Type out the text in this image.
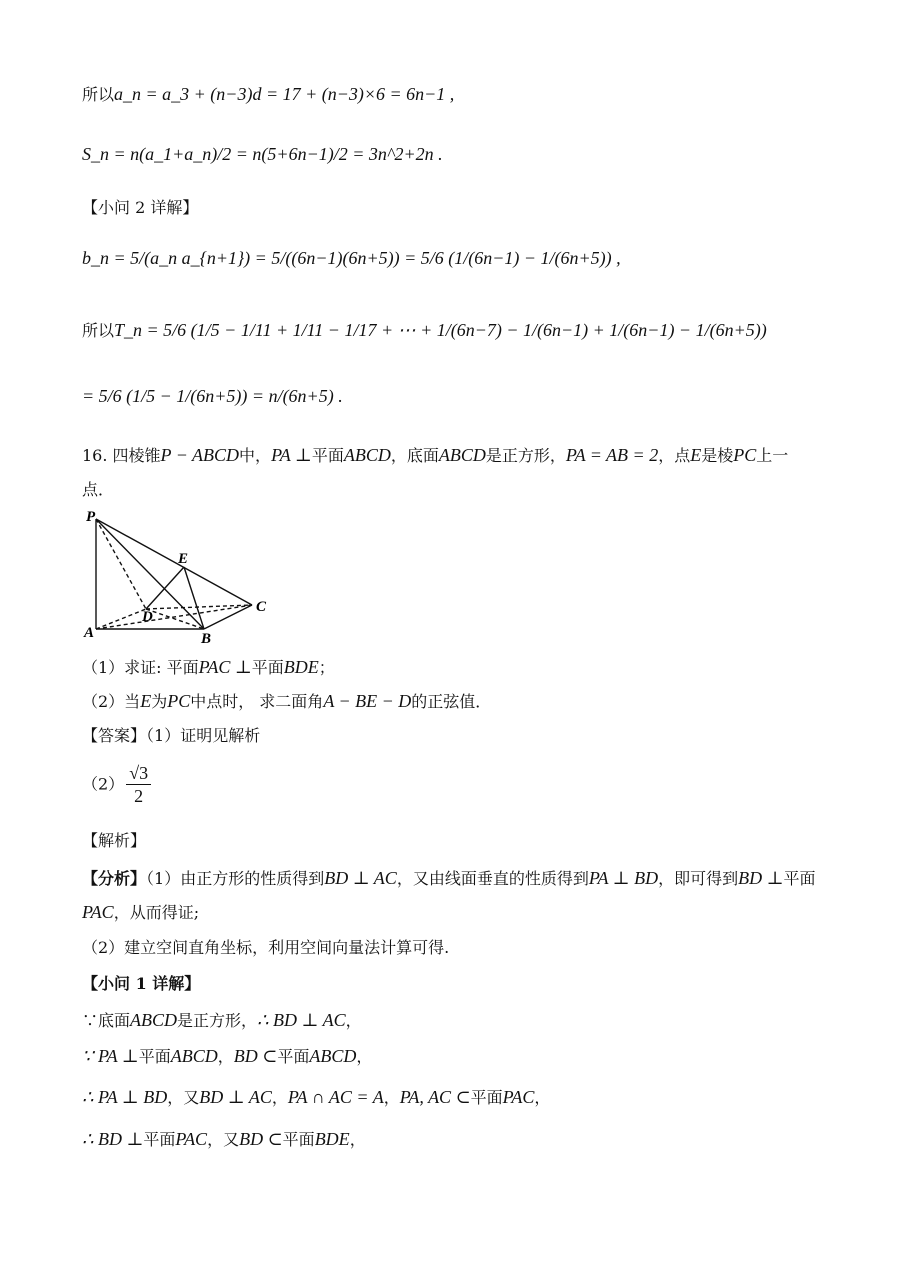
所以a_n = a_3 + (n−3)d = 17 + (n−3)×6 = 6n−1 ,
S_n = n(a_1+a_n)/2 = n(5+6n−1)/2 = 3n^2+2n .
【小问 2 详解】
b_n = 5/(a_n a_{n+1}) = 5/((6n−1)(6n+5)) = 5/6 (1/(6n−1) − 1/(6n+5)) ,
所以T_n = 5/6 (1/5 − 1/11 + 1/11 − 1/17 + ⋯ + 1/(6n−7) − 1/(6n−1) + 1/(6n−1) − 1/(6n+5))
= 5/6 (1/5 − 1/(6n+5)) = n/(6n+5) .
16. 四棱锥P − ABCD中，PA ⊥平面ABCD，底面ABCD是正方形，PA = AB = 2，点E是棱PC上一
点．
P
E
C
D
A	B
（1）求证: 平面PAC ⊥平面BDE；
（2）当E为PC中点时， 求二面角A − BE − D的正弦值．
【答案】（1）证明见解析
$(2) \frac{√3}{2}$
【解析】
【分析】（1）由正方形的性质得到BD ⊥ AC，又由线面垂直的性质得到PA ⊥ BD，即可得到BD ⊥平面
PAC，从而得证;
（2）建立空间直角坐标，利用空间向量法计算可得.
【小问 1 详解】
∵底面ABCD是正方形，∴ BD ⊥ AC，
∵ PA ⊥平面ABCD，BD ⊂平面ABCD，
∴ PA ⊥ BD，又BD ⊥ AC，PA ∩ AC = A，PA, AC ⊂平面PAC，
∴ BD ⊥平面PAC，又BD ⊂平面BDE，
